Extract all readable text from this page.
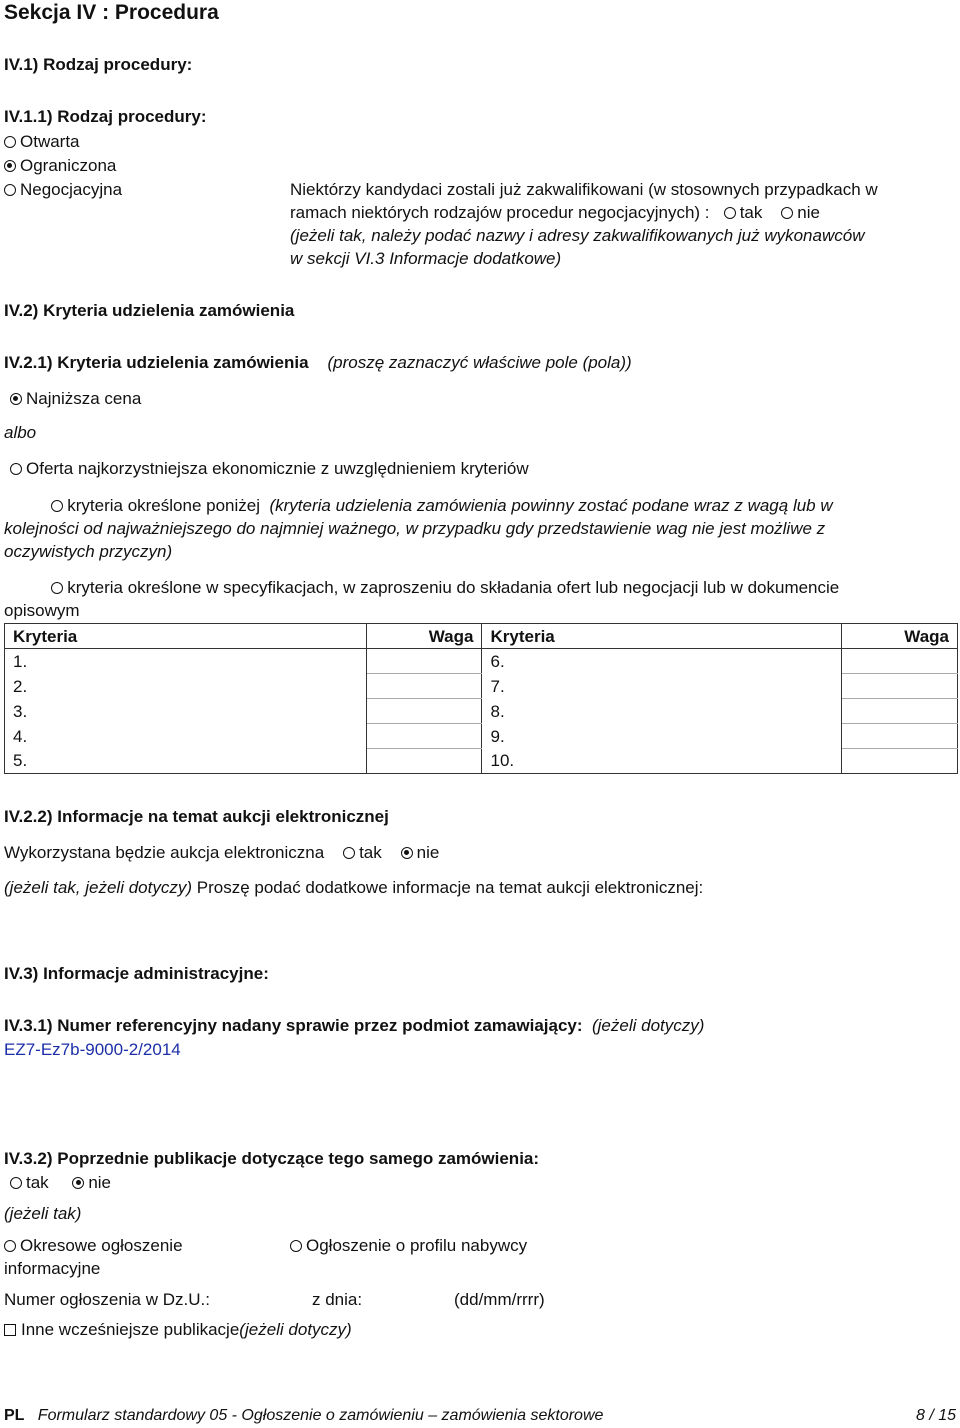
Sekcja IV : Procedura
IV.1) Rodzaj procedury:
IV.1.1) Rodzaj procedury:
Otwarta
Ograniczona
Negocjacyjna	Niektórzy kandydaci zostali już zakwalifikowani (w stosownych przypadkach w
ramach niektórych rodzajów procedur negocjacyjnych) : tak nie
(jeżeli tak, należy podać nazwy i adresy zakwalifikowanych już wykonawców
w sekcji VI.3 Informacje dodatkowe)
IV.2) Kryteria udzielenia zamówienia
IV.2.1) Kryteria udzielenia zamówienia (proszę zaznaczyć właściwe pole (pola))
Najniższa cena
albo
Oferta najkorzystniejsza ekonomicznie z uwzględnieniem kryteriów
kryteria określone poniżej (kryteria udzielenia zamówienia powinny zostać podane wraz z wagą lub w
kolejności od najważniejszego do najmniej ważnego, w przypadku gdy przedstawienie wag nie jest możliwe z
oczywistych przyczyn)
kryteria określone w specyfikacjach, w zaproszeniu do składania ofert lub negocjacji lub w dokumencie
opisowym
Kryteria	Waga	Kryteria	Waga
1.		6.	
2.		7.	
3.		8.	
4.		9.	
5.		10.	
IV.2.2) Informacje na temat aukcji elektronicznej
Wykorzystana będzie aukcja elektroniczna tak nie
(jeżeli tak, jeżeli dotyczy) Proszę podać dodatkowe informacje na temat aukcji elektronicznej:
IV.3) Informacje administracyjne:
IV.3.1) Numer referencyjny nadany sprawie przez podmiot zamawiający: (jeżeli dotyczy)
EZ7-Ez7b-9000-2/2014
IV.3.2) Poprzednie publikacje dotyczące tego samego zamówienia:
tak nie
(jeżeli tak)
Okresowe ogłoszenie
informacyjne
Ogłoszenie o profilu nabywcy
Numer ogłoszenia w Dz.U.:	z dnia:	(dd/mm/rrrr)
Inne wcześniejsze publikacje(jeżeli dotyczy)
PL Formularz standardowy 05 - Ogłoszenie o zamówieniu – zamówienia sektorowe	8 / 15
